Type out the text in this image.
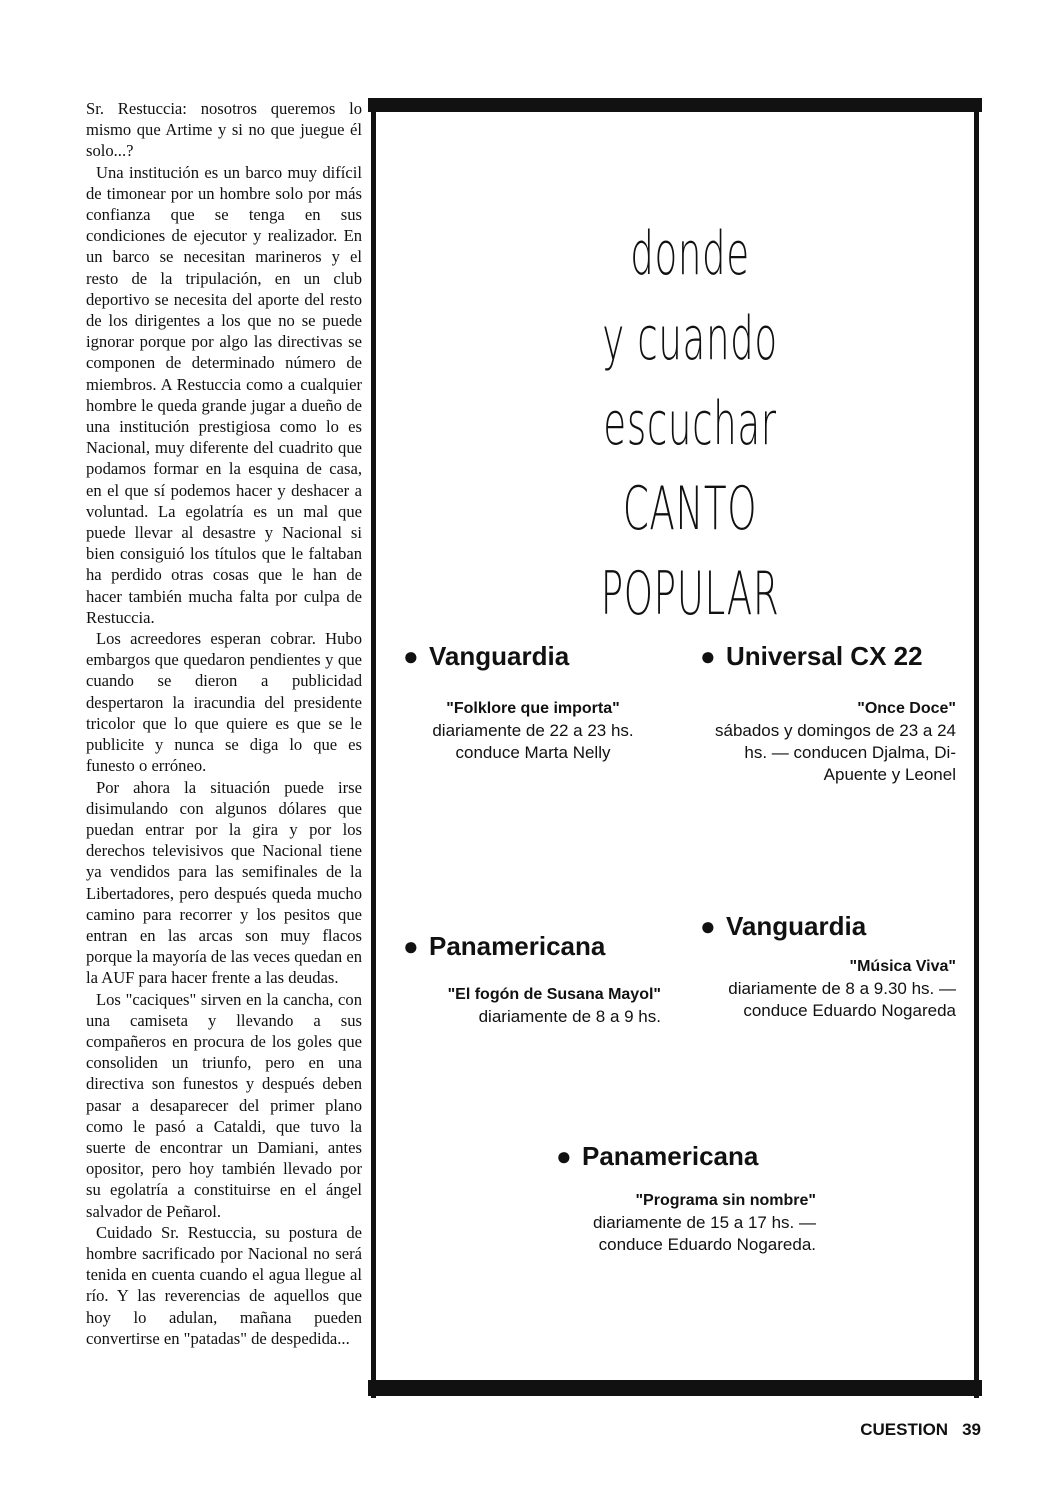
Sr. Restuccia: nosotros queremos lo mismo que Artime y si no que juegue él solo...?

Una institución es un barco muy difícil de timonear por un hombre solo por más confianza que se tenga en sus condiciones de ejecutor y realizador. En un barco se necesitan marineros y el resto de la tripulación, en un club deportivo se necesita del aporte del resto de los dirigentes a los que no se puede ignorar porque por algo las directivas se componen de determinado número de miembros. A Restuccia como a cualquier hombre le queda grande jugar a dueño de una institución prestigiosa como lo es Nacional, muy diferente del cuadrito que podamos formar en la esquina de casa, en el que sí podemos hacer y deshacer a voluntad. La egolatría es un mal que puede llevar al desastre y Nacional si bien consiguió los títulos que le faltaban ha perdido otras cosas que le han de hacer también mucha falta por culpa de Restuccia.

Los acreedores esperan cobrar. Hubo embargos que quedaron pendientes y que cuando se dieron a publicidad despertaron la iracundia del presidente tricolor que lo que quiere es que se le publicite y nunca se diga lo que es funesto o erróneo.

Por ahora la situación puede irse disimulando con algunos dólares que puedan entrar por la gira y por los derechos televisivos que Nacional tiene ya vendidos para las semifinales de la Libertadores, pero después queda mucho camino para recorrer y los pesitos que entran en las arcas son muy flacos porque la mayoría de las veces quedan en la AUF para hacer frente a las deudas.

Los "caciques" sirven en la cancha, con una camiseta y llevando a sus compañeros en procura de los goles que consoliden un triunfo, pero en una directiva son funestos y después deben pasar a desaparecer del primer plano como le pasó a Cataldi, que tuvo la suerte de encontrar un Damiani, antes opositor, pero hoy también llevado por su egolatría a constituirse en el ángel salvador de Peñarol.

Cuidado Sr. Restuccia, su postura de hombre sacrificado por Nacional no será tenida en cuenta cuando el agua llegue al río. Y las reverencias de aquellos que hoy lo adulan, mañana pueden convertirse en "patadas" de despedida...

donde
y cuando
escuchar
CANTO
POPULAR
● Vanguardia
"Folklore que importa"
diariamente de 22 a 23 hs. conduce Marta Nelly
● Universal CX 22
"Once Doce"
sábados y domingos de 23 a 24 hs. — conducen Djalma, Di-Apuente y Leonel
● Panamericana
"El fogón de Susana Mayol"
diariamente de 8 a 9 hs.
● Vanguardia
"Música Viva"
diariamente de 8 a 9.30 hs. — conduce Eduardo Nogareda
● Panamericana
"Programa sin nombre"
diariamente de 15 a 17 hs. — conduce Eduardo Nogareda.
CUESTION 39
